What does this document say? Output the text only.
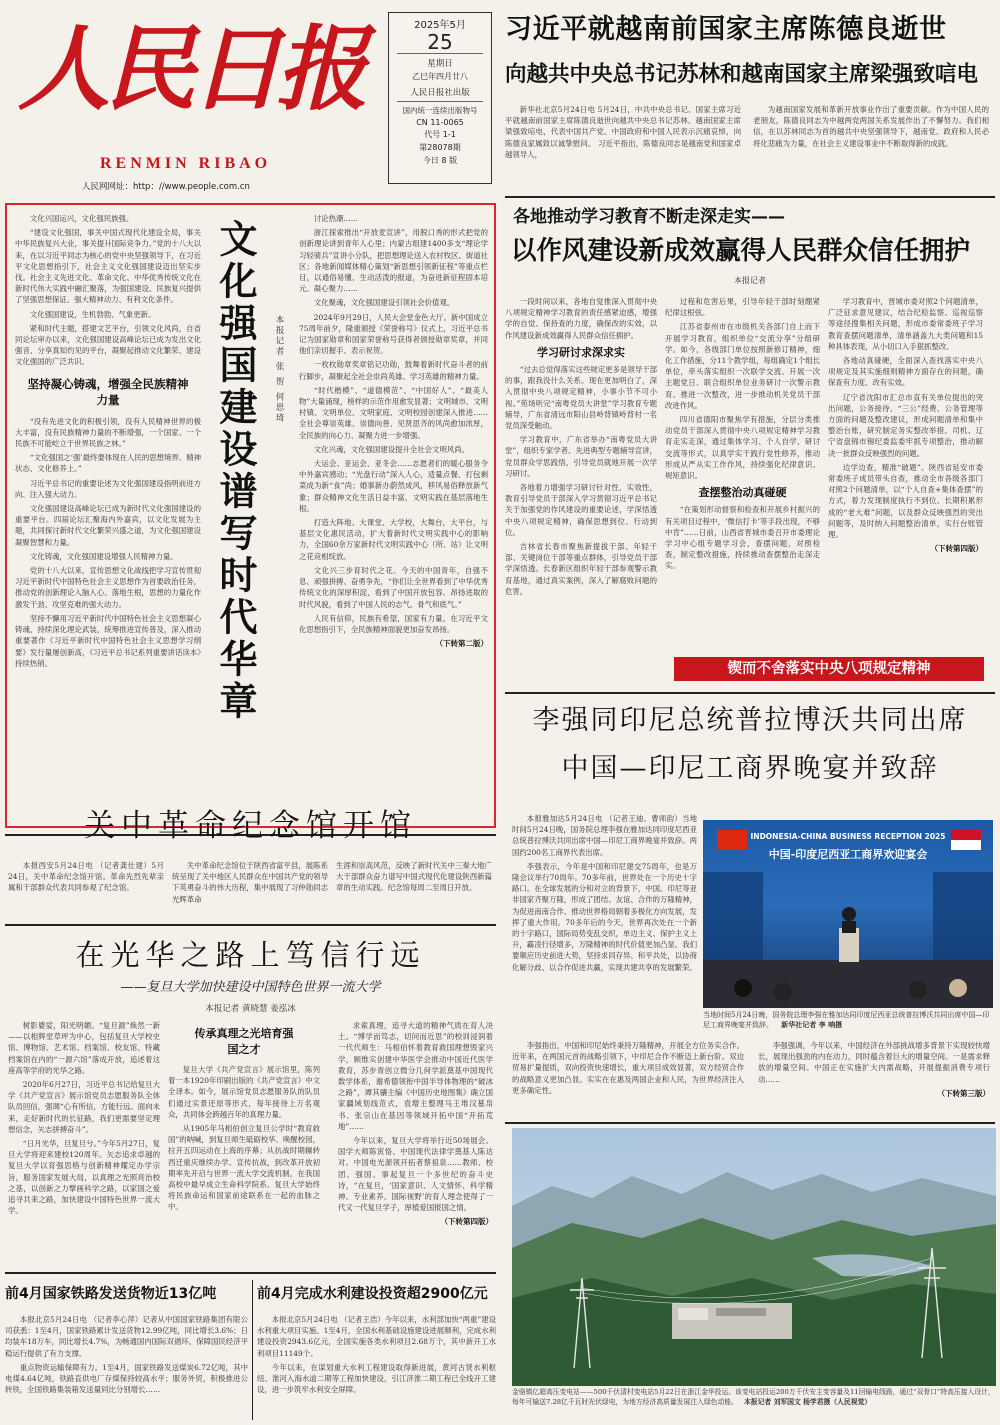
人民日报
RENMIN RIBAO
人民网网址：http：//www.people.com.cn
2025年5月
25
星期日
乙巳年四月廿八
人民日报社出版
国内统一连续出版物号
CN 11-0065
代号 1-1
第28078期
今日 8 版
习近平就越南前国家主席陈德良逝世
向越共中央总书记苏林和越南国家主席梁强致唁电
新华社北京5月24日电 5月24日，中共中央总书记、国家主席习近平就越南前国家主席陈德良逝世向越共中央总书记苏林、越南国家主席梁强致唁电，代表中国共产党、中国政府和中国人民表示沉痛哀悼，向陈德良家属致以诚挚慰问。 习近平指出，陈德良同志是越南党和国家卓越领导人，
为越南国家发展和革新开放事业作出了重要贡献。作为中国人民的老朋友，陈德良同志为中越两党两国关系发展作出了不懈努力。我们相信，在以苏林同志为首的越共中央坚强领导下，越南党、政府和人民必将化悲痛为力量，在社会主义建设事业中不断取得新的成就。

文化兴国运兴，文化强民族强。

“建设文化强国，事关中国式现代化建设全局，事关中华民族复兴大业，事关提升国际竞争力。”党的十八大以来，在以习近平同志为核心的党中央坚强领导下，在习近平文化思想指引下，社会主义文化强国建设迈出坚实步伐。社会主义先进文化、革命文化、中华优秀传统文化在新时代伟大实践中融汇聚落，为强国建设、民族复兴提供了坚强思想保证、强大精神动力、有利文化条件。

文化强国建设，生机勃勃、气象更新。

紧和时代主题，搭建文艺平台，引领文化风尚，自省同论坛审办以来，文化强国建设高峰论坛已成为发出文化强音、分享真知灼见的平台，凝聚起推动文化繁荣、建设文化强国的广泛共识。

坚持凝心铸魂，增强全民族精神力量

“没有先进文化的积极引领，没有人民精神世界的极大丰富，没有民族精神力量的不断增强，一个国家、一个民族不可能屹立于世界民族之林。”

“文化强国之‘强’最终要体现在人民的思想境界、精神状态、文化修养上。”

习近平总书记的重要论述为文化强国建设指明前进方向、注入强大动力。

文化强国建设高峰论坛已成为新时代文化强国建设的重要平台。四届论坛汇聚海内外嘉宾，以文化发展为主题，共同探讨新时代文化繁荣兴盛之道，为文化强国建设凝聚智慧和力量。

文化铸魂，文化强国建设增强人民精神力量。

党的十八大以来，宣传思想文化战线把学习宣传贯彻习近平新时代中国特色社会主义思想作为首要政治任务，推动党的创新理论入脑入心、落地生根，思想的力量化作激发干劲、攻坚克难的强大动力。

坚持不懈用习近平新时代中国特色社会主义思想凝心铸魂，持续深化理论武装，统筹推进宣传普及，深入推动重要著作《习近平新时代中国特色社会主义思想学习纲要》发行量屡创新高，《习近平总书记系列重要讲话读本》持续热销。	文化强国建设谱写时代华章	本报记者 张 贺 何思琦

讨论热潮……

浙江探索推出“开放麦宣讲”，用脱口秀的形式把党的创新理论讲到青年人心里；内蒙古组建1400多支“理论学习轻骑兵”宣讲小分队，把思想理论送入农村牧区、街道社区；各地新闻媒体精心策划“新思想引领新征程”等重点栏目，以通俗易懂、生动活泼的报道，为奋进新征程固本培元、凝心聚力……

文化聚魂，文化强国建设引领社会价值观。

2024年9月29日，人民大会堂金色大厅。新中国成立75周年前夕，隆重颁授《荣誉称号》仪式上，习近平总书记为国家勋章和国家荣誉称号获得者颁授勋章奖章，并同他们亲切握手、表示祝贺。

一枚枚勋章奖章铭记功勋，鼓舞着新时代奋斗者的前行脚步，凝聚起全社会崇尚英雄、学习英雄的精神力量。

“时代楷模”、“道德模范”、“中国好人”、“最美人物”大量涌现，榜样的示范作用愈发显著；文明城市、文明村镇、文明单位、文明家庭、文明校园创建深入推进……全社会尊崇英雄、崇德向善、见贤思齐的风尚愈加浓厚，全民族的向心力、凝聚力进一步增强。

文化兴魂，文化强国建设提升全社会文明风尚。

大运会、亚运会、亚冬会……志愿者们的暖心服务令中外嘉宾感动；“光盘行动”深入人心，适量点餐、打包剩菜成为新“食”尚；婚事新办蔚然成风，移风易俗释放新气象；群众精神文化生活日益丰富，文明实践在基层落地生根。

打造大阵地、大课堂、大学校，大舞台，大平台，与基层文化惠民活动，扩大着新时代文明实践中心的影响力，全国60余万家新时代文明实践中心（所、站）让文明之花竞相绽放。

文化兴三步育时代之花。今天的中国青年，自强不息、顽强拼搏、奋勇争先，“你们让全世界看到了中华优秀传统文化的深厚积淀，看到了中国开放包容、昂扬进取的时代风貌，看到了中国人民的志气、骨气和底气。”

人民有信仰，民族有希望，国家有力量。在习近平文化思想指引下，全民族精神面貌更加奋发昂扬。

（下转第二版）
各地推动学习教育不断走深走实——
以作风建设新成效赢得人民群众信任拥护
本报记者

一段时间以来，各地自觉推深入贯彻中央八项规定精神学习教育的责任感紧迫感，增强学的自觉、保持查的力度，确保改的实效，以作风建设新成效赢得人民群众信任拥护。

学习研讨求深求实

“过去总觉得落实这些规定更多是领导干部的事，跟我没什么关系。现在更加明白了，深入贯彻中央八项规定精神，小事小节不可小视。”苑场听完“南粤党员大讲堂”学习教育专题辅导，广东省清远市阳山县岭背镇岭背村一名党员深受触动。

学习教育中，广东省举办“南粤党员大讲堂”，组织专家学者、先进典型专题辅导宣讲，党员群众学思践悟，引导党员就地开展一次学习研讨。

各地着力增强学习研讨针对性、实效性，教育引导党员干部深入学习贯彻习近平总书记关于加强党的作风建设的重要论述，学深悟透中央八项规定精神，确保思想到位、行动到位。

吉林省长春市聚焦新提拔干部、年轻干部、关键岗位干部等重点群体，引导党员干部学深悟透。长春新区组织年轻干部参观警示教育基地，通过真实案例，深入了解腐败问题的危害。

过程和危害后果，引导年轻干部时刻绷紧纪律这根弦。

江苏省泰州市在市级机关各部门自上而下开展学习教育，组织单位“交流分享”分组研学。如今，各级部门单位按照新修订精神，细化工作措施，分11个教学组，每组确定1个组长单位，牵头落实组织一次联学交流、开展一次主题党日、联合组织单位业务研讨一次警示教育、推进一次整改，进一步推动机关党员干部改进作风。

四川省德阳市聚焦学有措施，分层分类推动党员干部深入贯彻中央八项规定精神学习教育走实走深，通过集体学习、个人自学、研讨交流等形式，以真学实干践行党性修养，推动形成从严从实工作作风，持续强化纪律意识、规矩意识。

查摆整治动真碰硬

“在策划形动督察和检查和开展乡村振兴的有关项目过程中，‘微信打卡’等手段出现，不够中肯”……日前，山西省晋城市委召开市委理论学习中心组专题学习会，查摆问题，对照检查，制定整改措施，持续推动查摆整治走深走实。

学习教育中，晋城市委对照2个问题清单，广泛征求意见建议，结合纪检监察、巡视巡察等途径搜集相关问题，形成市委常委班子学习教育查摆问题清单，清单涵盖九大类问题和15种具体表现，从小切口入手狠抓整改。

各地动真碰硬，全面深入查找落实中央八项规定及其实施细则精神方面存在的问题，确保查有力度、改有实效。

辽宁省沈阳市汇总市直有关单位提出的突出问题，公务接待、“三公”经费、公务管理等方面的问题及整改建议，形成问题清单和集中整治台账，研究制定务实整改举措。司机、辽宁省盘锦市锡纪委监委牢抓专项整治，推动解决一批群众反映强烈的问题。

边学边查，精准“破题”。陕西省延安市委常委班子成员带头自查，推动全市各级各部门对照2个问题清单，以“个人自查+集体查摆”的方式，着力发现制度执行不到位、长期积累形成的“老大难”问题，以及群众反映强烈的突出问题等，及时纳入问题整治清单，实行台账管理。

（下转第四版）
锲而不舍落实中央八项规定精神
李强同印尼总统普拉博沃共同出席
中国—印尼工商界晚宴并致辞

本报雅加达5月24日电 （记者王迪、曹师韵）当地时间5月24日晚，国务院总理李强在雅加达同印度尼西亚总统普拉博沃共同出席中国—印尼工商界晚宴并致辞。两国约200名工商界代表出席。

李强表示，今年是中国和印尼建交75周年，也是万隆会议举行70周年。70多年前，世界处在一个历史十字路口。在全球发展的分和对立的背景下，中国、印尼等亚非国家齐聚万隆，形成了团结、友谊、合作的万隆精神，为促进南南合作、推动世界格局朝着多极化方向发展，发挥了重大作用。70多年后的今天，世界再次处在一个新的十字路口，国际局势变乱交织，单边主义、保护主义上升，霸凌行径增多，万隆精神的时代价值更加凸显。我们要顺应历史前进大势，坚持求同存异、和平共处，以协商化解分歧、以合作促进共赢，实现共建共享的发展繁荣。

INDONESIA-CHINA BUSINESS RECEPTION 2025
中国-印度尼西亚工商界欢迎宴会
当地时间5月24日晚，国务院总理李强在雅加达同印度尼西亚总统普拉博沃共同出席中国—印尼工商界晚宴并致辞。 新华社记者 李 响摄

李强指出，中国和印尼始终秉持万隆精神，开展全方位务实合作。近年来，在两国元首的战略引领下，中印尼合作不断迈上新台阶。双边贸易扩量提质，双向投资快速增长，重大项目成效显著，双方经贸合作的战略意义更加凸显。实实在在惠及两国企业和人民，为世界经济注入更多确定性。

李强强调，今年以来，中国经济在外部挑战增多背景下实现较快增长，展现出强劲的内在动力，同时蕴含着巨大的增量空间。一是需求释放的增量空间。中国正在实施扩大内需战略，开展提振消费专项行动……

（下转第三版）
关中革命纪念馆开馆
本报西安5月24日电 （记者龚仕建）5月24日，关中革命纪念馆开馆。革命先烈先辈亲属和干部群众代表共同参观了纪念馆。
关中革命纪念馆位于陕西省富平县，展陈系统呈现了关中地区人民群众在中国共产党的领导下英勇奋斗的伟大历程，集中展现了习仲勋同志光辉革命
生涯和崇高风范，反映了新时代关中三秦大地广大干部群众奋力谱写中国式现代化建设陕西新篇章的生动实践。纪念馆每周二至周日开放。
在光华之路上笃信行远
——复旦大学加快建设中国特色世界一流大学
本报记者 黄晓慧 姜泓冰

树影婆娑，阳光明媚。“复旦源”焕然一新——以相辉堂草坪为中心，包括复旦大学校史馆、博物馆、艺术馆、档案馆、校友馆、特藏档案馆在内的“一源六馆”落成开放，追述着这座高等学府的光华之路。

2020年6月27日，习近平总书记给复旦大学《共产党宣言》展示馆党员志愿服务队全体队员回信，强调“心有所信，方能行远。面向未来，走好新时代的长征路，我们更需要坚定理想信念，矢志拼搏奋斗”。

“日月光华，旦复旦兮。”今年5月27日，复旦大学将迎来建校120周年。矢志追求卓越的复旦大学以育强思格与创新精神耀定办学宗旨，服务国家发展大局，以真理之光照亮治校之基，以创新之力擘画科学之路，以家国之爱追寻共来之路，加快建设中国特色世界一流大学。

传承真理之光培育强国之才

复旦大学《共产党宣言》展示馆里，陈列着一本1920年印刷出版的《共产党宣言》中文全译本。如今，展示馆党员志愿服务队的队员们通过实景还原等形式，每年接待上万名观众，共同体会跨越百年的真理力量。

从1905年马相伯创立复旦公学时“教育救国”的呐喊，到复旦师生砥砺校华、唤醒校园，拉开五四运动在上海的序幕；从抗战时期辗转西迁重庆继续办学、宣传抗战，到改革开放初期率先开启与世界一流大学交流机制，在我国高校中最早成立生命科学院系、复旦大学始终将民族命运和国家前途联系在一起的血脉之中。

求索真理，追寻大道的精神气质在育人决土。“博学而笃志，切问而近思”的校训浸润着一代代师生：马相伯怀着教育救国理想毁家兴学，顾维实创建中华医学会推动中国近代医学教育，苏步青创立微分几何学派奠基中国现代数学体系，谢希德领衔中国半导体物理的“破冰之路”，谭其骧主编《中国历史地图集》确立国家疆域划线范式，袁增主整理马王堆汉墓帛书、张宗山在基因等领域开拓中国“开拓荒地”……

今年以来，复旦大学将举行近50场展会。国学大师陈寅恪、中国现代法律学奠基人陈达对。中国电光源领开拓者蔡祖泉……教师、校团、强国、事起复旦一个多世纪的奋斗史诗，“在复旦，‘国家意识、人文情怀、科学精神、专业素养、国际视野’的育人理念使得了一代又一代复旦学子，厚植爱国报国之情。

（下转第四版）
前4月国家铁路发送货物近13亿吨

本报北京5月24日电 （记者李心萍）记者从中国国家铁路集团有限公司获悉：1至4月，国家铁路累计发送货物12.99亿吨，同比增长3.6%；日均装车18万车，同比增长4.7%，为畅通国内国际双循环、保障国民经济平稳运行提供了有力支撑。

重点物资运输保障有力。1至4月，国家铁路发送煤炭6.72亿吨，其中电煤4.64亿吨，铁路直供电厂存煤保持较高水平；服务外贸，积极推进公转铁，全国铁路集装箱发送量同比分别增长……

前4月完成水利建设投资超2900亿元

本报北京5月24日电 （记者王浩）今年以来，水利部加快“两重”建设水利重大项目实施。1至4月，全国水利基础设施建设进展顺利，完成水利建设投资2943.6亿元，全国实施各类水利项目2.68万个，其中新开工水利项目11149个。

今年以来，在谋划重大水利工程建设取得新进展，黄河古贤水利枢纽、淮河入海水道二期等工程加快建设，引江济淮二期工程已全线开工建设，进一步筑牢水利安全屏障。	金骆镇亿超高压变电站——500千伏清村变电站5月22日在浙江金华投运。该变电站投运200万千伏安主变容量及11回输电线路，通过“双骨口”特高压接入设计，每年可输送7.28亿千瓦时光伏绿电，为地方经济高质量发展注入绿色动能。 本报记者 刘军国文 杨学君摄（人民视觉）
